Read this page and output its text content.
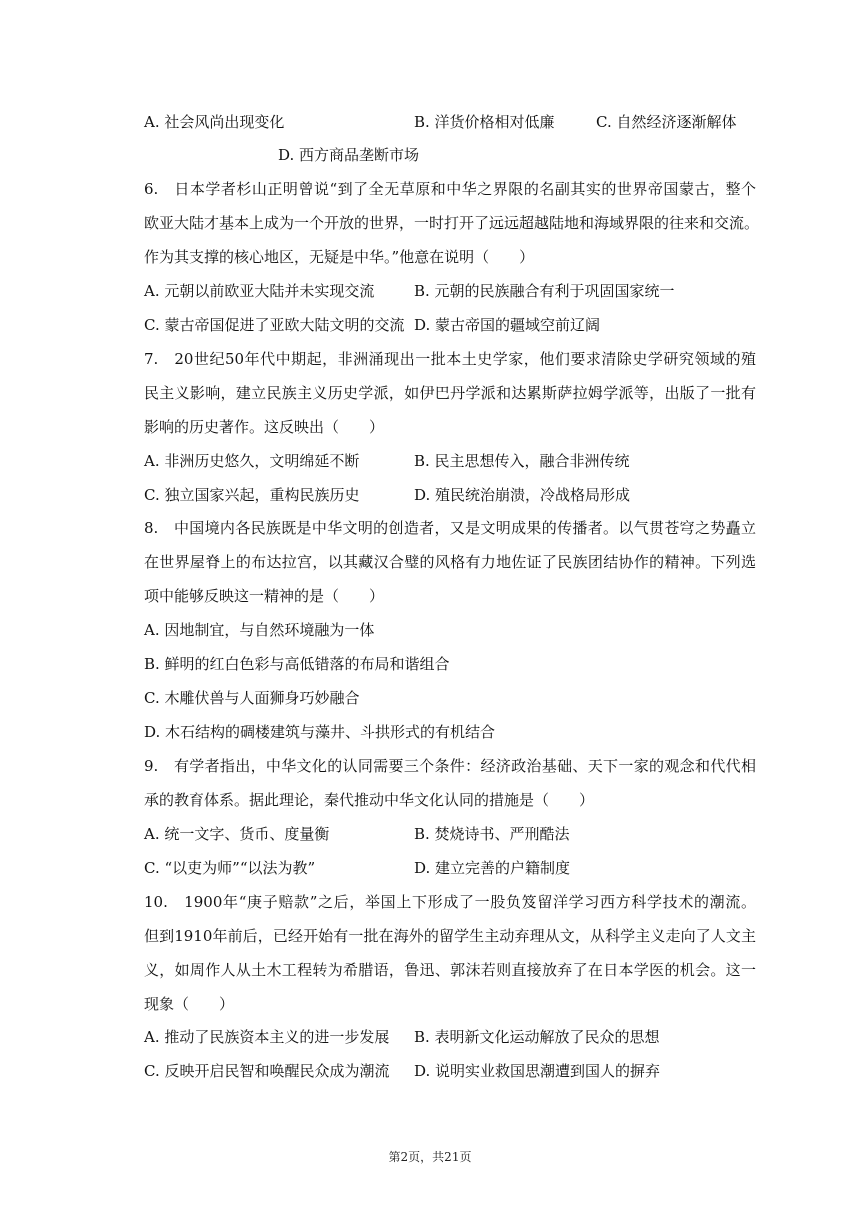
A. 社会风尚出现变化	B. 洋货价格相对低廉	C. 自然经济逐渐解体
D. 西方商品垄断市场
6.　日本学者杉山正明曾说“到了全无草原和中华之界限的名副其实的世界帝国蒙古，整个
欧亚大陆才基本上成为一个开放的世界，一时打开了远远超越陆地和海域界限的往来和交流。
作为其支撑的核心地区，无疑是中华。”他意在说明（　　）
A. 元朝以前欧亚大陆并未实现交流	B. 元朝的民族融合有利于巩固国家统一
C. 蒙古帝国促进了亚欧大陆文明的交流 D. 蒙古帝国的疆域空前辽阔
7.　20世纪50年代中期起，非洲涌现出一批本土史学家，他们要求清除史学研究领域的殖
民主义影响，建立民族主义历史学派，如伊巴丹学派和达累斯萨拉姆学派等，出版了一批有
影响的历史著作。这反映出（　　）
A. 非洲历史悠久，文明绵延不断	B. 民主思想传入，融合非洲传统
C. 独立国家兴起，重构民族历史	D. 殖民统治崩溃，冷战格局形成
8.　中国境内各民族既是中华文明的创造者，又是文明成果的传播者。以气贯苍穹之势矗立
在世界屋脊上的布达拉宫，以其藏汉合璧的风格有力地佐证了民族团结协作的精神。下列选
项中能够反映这一精神的是（　　）
A. 因地制宜，与自然环境融为一体
B. 鲜明的红白色彩与高低错落的布局和谐组合
C. 木雕伏兽与人面狮身巧妙融合
D. 木石结构的碉楼建筑与藻井、斗拱形式的有机结合
9.　有学者指出，中华文化的认同需要三个条件：经济政治基础、天下一家的观念和代代相
承的教育体系。据此理论，秦代推动中华文化认同的措施是（　　）
A. 统一文字、货币、度量衡	B. 焚烧诗书、严刑酷法
C. “以吏为师”“以法为教”	D. 建立完善的户籍制度
10.　1900年“庚子赔款”之后，举国上下形成了一股负笈留洋学习西方科学技术的潮流。
但到1910年前后，已经开始有一批在海外的留学生主动弃理从文，从科学主义走向了人文主
义，如周作人从土木工程转为希腊语，鲁迅、郭沫若则直接放弃了在日本学医的机会。这一
现象（　　）
A. 推动了民族资本主义的进一步发展 B. 表明新文化运动解放了民众的思想
C. 反映开启民智和唤醒民众成为潮流 D. 说明实业救国思潮遭到国人的摒弃
第2页，共21页
